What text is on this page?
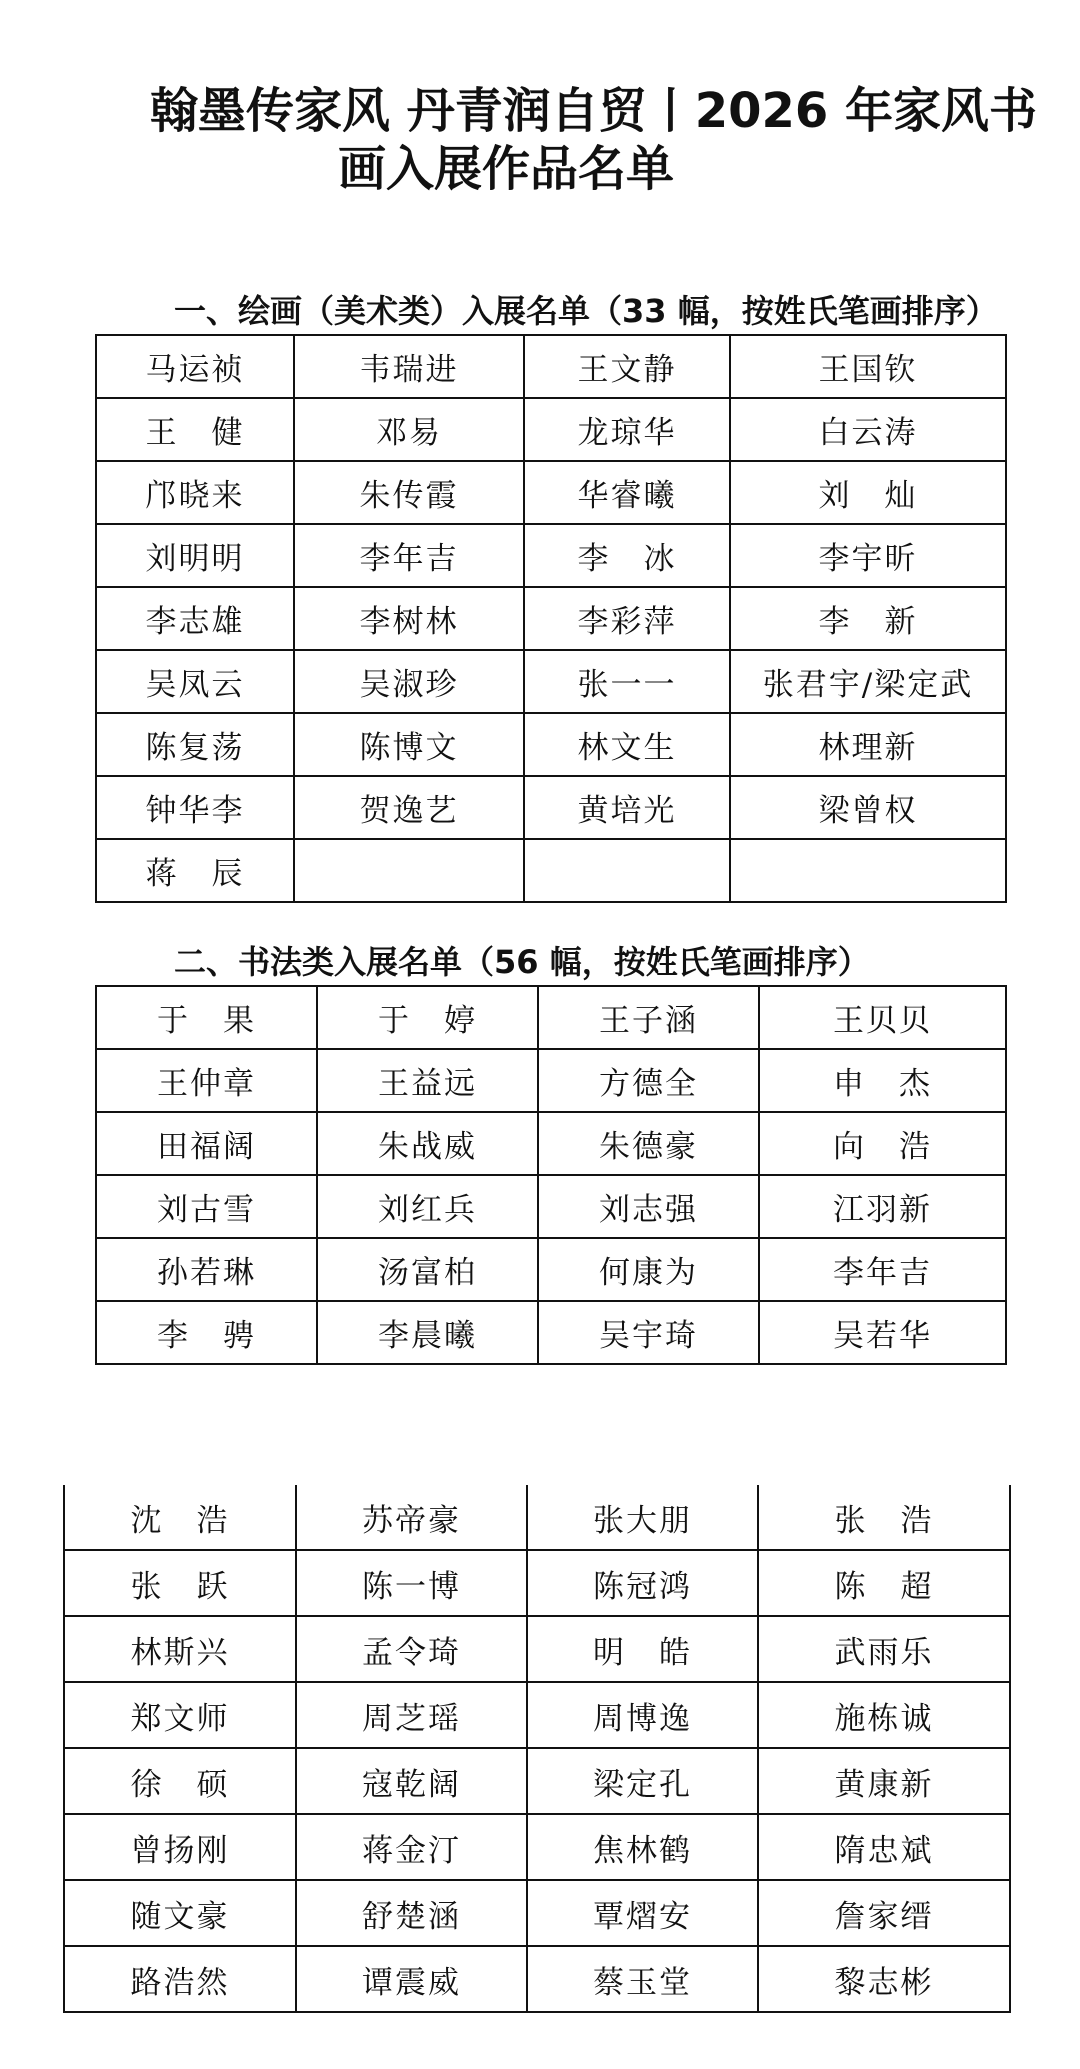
翰墨传家风 丹青润自贸丨2026 年家风书
画入展作品名单
一、绘画（美术类）入展名单（33 幅，按姓氏笔画排序）
马运祯	韦瑞进	王文静	王国钦
王　健	邓易	龙琼华	白云涛
邝晓来	朱传霞	华睿曦	刘　灿
刘明明	李年吉	李　冰	李宇昕
李志雄	李树林	李彩萍	李　新
吴凤云	吴淑珍	张一一	张君宇/梁定武
陈复荡	陈博文	林文生	林理新
钟华李	贺逸艺	黄培光	梁曾权
蒋　辰			
二、书法类入展名单（56 幅，按姓氏笔画排序）
于　果	于　婷	王子涵	王贝贝
王仲章	王益远	方德全	申　杰
田福阔	朱战威	朱德豪	向　浩
刘古雪	刘红兵	刘志强	江羽新
孙若琳	汤富柏	何康为	李年吉
李　骋	李晨曦	吴宇琦	吴若华
沈　浩	苏帝豪	张大朋	张　浩
张　跃	陈一博	陈冠鸿	陈　超
林斯兴	孟令琦	明　皓	武雨乐
郑文师	周芝瑶	周博逸	施栋诚
徐　硕	寇乾阔	梁定孔	黄康新
曾扬刚	蒋金汀	焦林鹤	隋忠斌
随文豪	舒楚涵	覃熠安	詹家缙
路浩然	谭震威	蔡玉堂	黎志彬
